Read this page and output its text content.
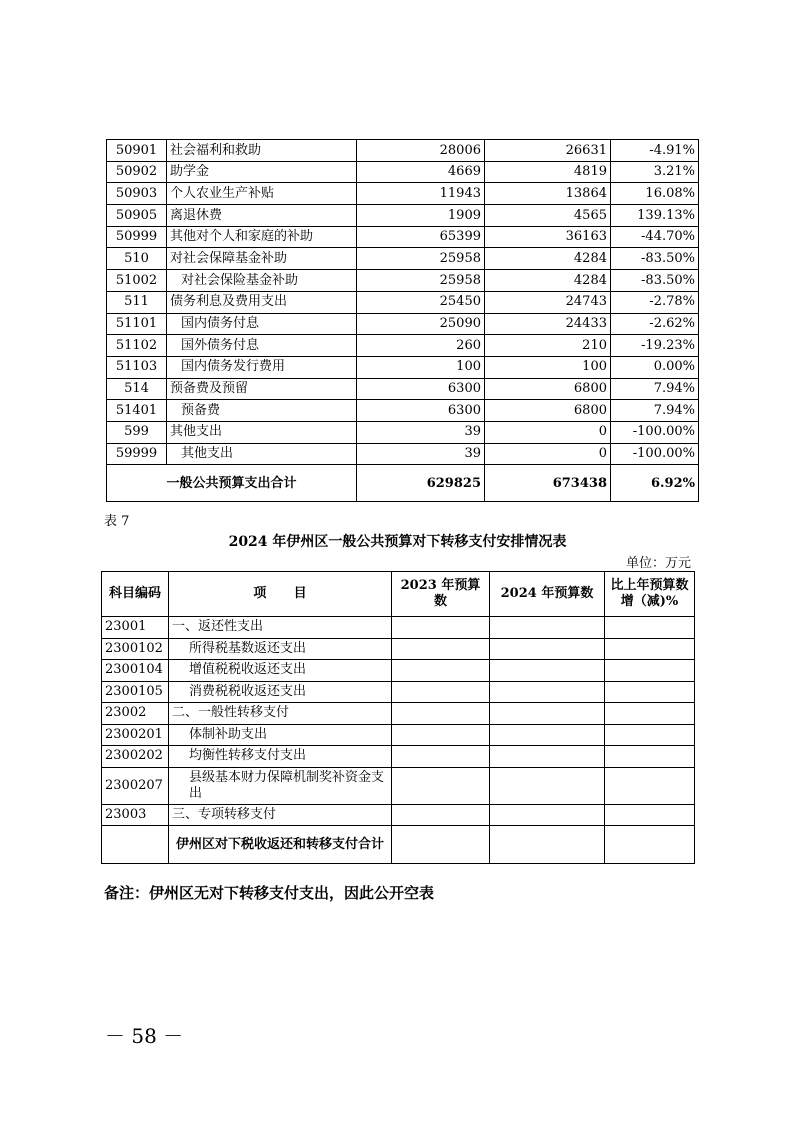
50901	社会福利和救助	28006	26631	-4.91%
50902	助学金	4669	4819	3.21%
50903	个人农业生产补贴	11943	13864	16.08%
50905	离退休费	1909	4565	139.13%
50999	其他对个人和家庭的补助	65399	36163	-44.70%
510	对社会保障基金补助	25958	4284	-83.50%
51002	对社会保险基金补助	25958	4284	-83.50%
511	债务利息及费用支出	25450	24743	-2.78%
51101	国内债务付息	25090	24433	-2.62%
51102	国外债务付息	260	210	-19.23%
51103	国内债务发行费用	100	100	0.00%
514	预备费及预留	6300	6800	7.94%
51401	预备费	6300	6800	7.94%
599	其他支出	39	0	-100.00%
59999	其他支出	39	0	-100.00%
一般公共预算支出合计		629825	673438	6.92%
表 7
2024 年伊州区一般公共预算对下转移支付安排情况表
单位：万元
科目编码	项      目	2023 年预算数	2024 年预算数	比上年预算数增（减)%
23001	一、返还性支出			
2300102	所得税基数返还支出			
2300104	增值税税收返还支出			
2300105	消费税税收返还支出			
23002	二、一般性转移支付			
2300201	体制补助支出			
2300202	均衡性转移支付支出			
2300207	县级基本财力保障机制奖补资金支出			
23003	三、专项转移支付			
	伊州区对下税收返还和转移支付合计			
备注：伊州区无对下转移支付支出，因此公开空表
－ 58 －
